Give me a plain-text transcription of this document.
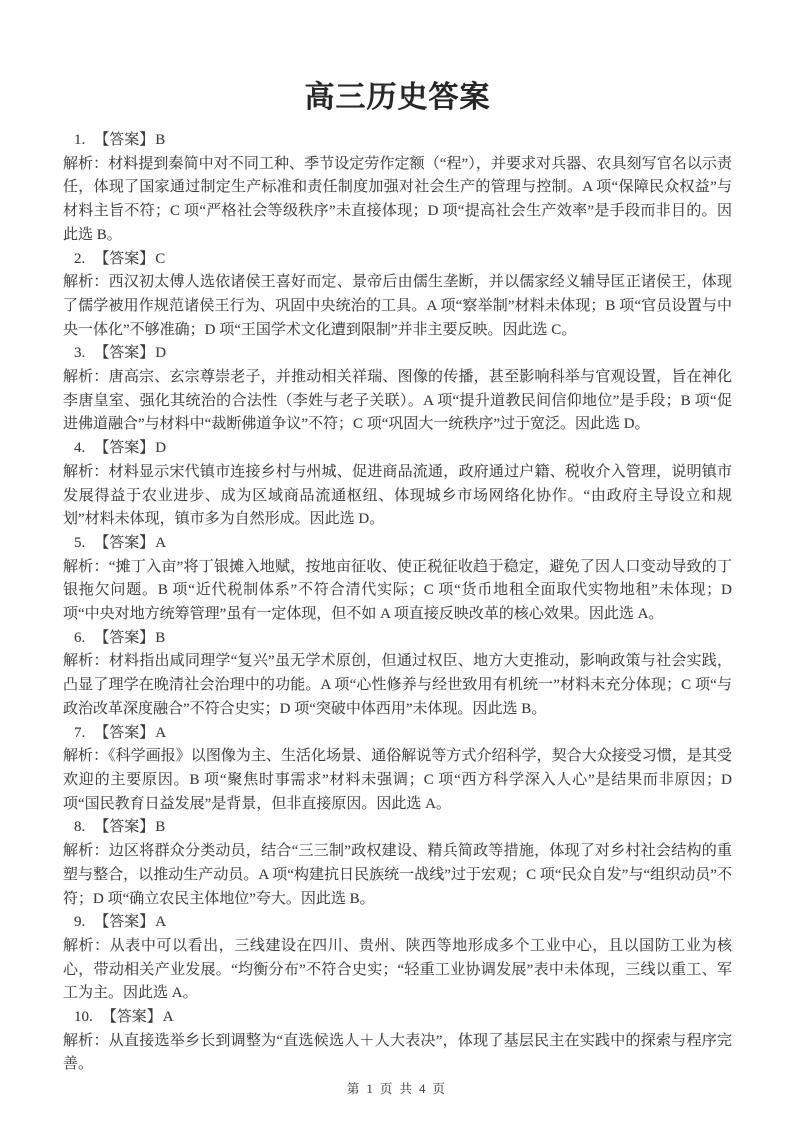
高三历史答案
1. 【答案】B

解析：材料提到秦简中对不同工种、季节设定劳作定额（“程”），并要求对兵器、农具刻写官名以示责任，体现了国家通过制定生产标准和责任制度加强对社会生产的管理与控制。A 项“保障民众权益”与材料主旨不符；C 项“严格社会等级秩序”未直接体现；D 项“提高社会生产效率”是手段而非目的。因此选 B。

2. 【答案】C

解析：西汉初太傅人选依诸侯王喜好而定、景帝后由儒生垄断，并以儒家经义辅导匡正诸侯王，体现了儒学被用作规范诸侯王行为、巩固中央统治的工具。A 项“察举制”材料未体现；B 项“官员设置与中央一体化”不够准确；D 项“王国学术文化遭到限制”并非主要反映。因此选 C。

3. 【答案】D

解析：唐高宗、玄宗尊崇老子，并推动相关祥瑞、图像的传播，甚至影响科举与官观设置，旨在神化李唐皇室、强化其统治的合法性（李姓与老子关联）。A 项“提升道教民间信仰地位”是手段；B 项“促进佛道融合”与材料中“裁断佛道争议”不符；C 项“巩固大一统秩序”过于宽泛。因此选 D。

4. 【答案】D

解析：材料显示宋代镇市连接乡村与州城、促进商品流通，政府通过户籍、税收介入管理，说明镇市发展得益于农业进步、成为区域商品流通枢纽、体现城乡市场网络化协作。“由政府主导设立和规划”材料未体现，镇市多为自然形成。因此选 D。

5. 【答案】A

解析：“摊丁入亩”将丁银摊入地赋，按地亩征收、使正税征收趋于稳定，避免了因人口变动导致的丁银拖欠问题。B 项“近代税制体系”不符合清代实际；C 项“货币地租全面取代实物地租”未体现；D 项“中央对地方统筹管理”虽有一定体现，但不如 A 项直接反映改革的核心效果。因此选 A。

6. 【答案】B

解析：材料指出咸同理学“复兴”虽无学术原创，但通过权臣、地方大吏推动，影响政策与社会实践，凸显了理学在晚清社会治理中的功能。A 项“心性修养与经世致用有机统一”材料未充分体现；C 项“与政治改革深度融合”不符合史实；D 项“突破中体西用”未体现。因此选 B。

7. 【答案】A

解析：《科学画报》以图像为主、生活化场景、通俗解说等方式介绍科学，契合大众接受习惯，是其受欢迎的主要原因。B 项“聚焦时事需求”材料未强调；C 项“西方科学深入人心”是结果而非原因；D 项“国民教育日益发展”是背景，但非直接原因。因此选 A。

8. 【答案】B

解析：边区将群众分类动员，结合“三三制”政权建设、精兵简政等措施，体现了对乡村社会结构的重塑与整合，以推动生产动员。A 项“构建抗日民族统一战线”过于宏观；C 项“民众自发”与“组织动员”不符；D 项“确立农民主体地位”夸大。因此选 B。

9. 【答案】A

解析：从表中可以看出，三线建设在四川、贵州、陕西等地形成多个工业中心，且以国防工业为核心，带动相关产业发展。“均衡分布”不符合史实；“轻重工业协调发展”表中未体现，三线以重工、军工为主。因此选 A。

10. 【答案】A

解析：从直接选举乡长到调整为“直选候选人＋人大表决”，体现了基层民主在实践中的探索与程序完善。

第 1 页 共 4 页
